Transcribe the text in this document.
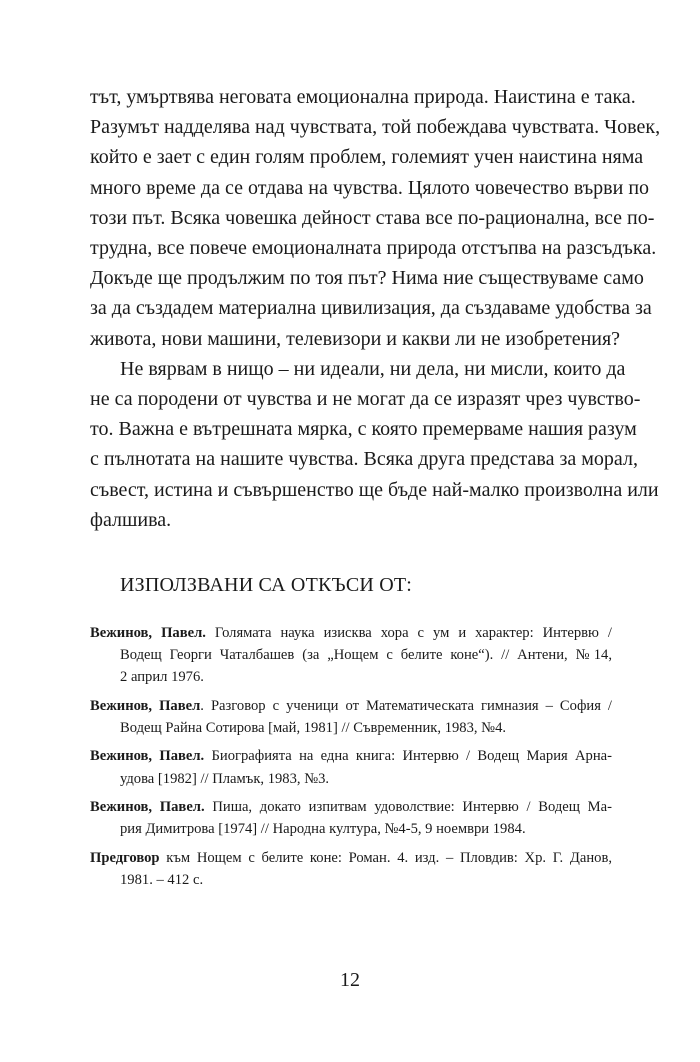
тът, умъртвява неговата емоционална природа. Наистина е така.
Разумът надделява над чувствата, той побеждава чувствата. Човек,
който е зает с един голям проблем, големият учен наистина няма
много време да се отдава на чувства. Цялото човечество върви по
този път. Всяка човешка дейност става все по-рационална, все по-
трудна, все повече емоционалната природа отстъпва на разсъдъка.
Докъде ще продължим по тоя път? Нима ние съществуваме само
за да създадем материална цивилизация, да създаваме удобства за
живота, нови машини, телевизори и какви ли не изобретения?

Не вярвам в нищо – ни идеали, ни дела, ни мисли, които да
не са породени от чувства и не могат да се изразят чрез чувство-
то. Важна е вътрешната мярка, с която премерваме нашия разум
с пълнотата на нашите чувства. Всяка друга представа за морал,
съвест, истина и съвършенство ще бъде най-малко произволна или
фалшива.

ИЗПОЛЗВАНИ СА ОТКЪСИ ОТ:
Вежинов, Павел. Голямата наука изисква хора с ум и характер: Интервю /
Водещ Георги Чаталбашев (за „Нощем с белите коне“). // Антени, №14,
2 април 1976.
Вежинов, Павел. Разговор с ученици от Математическата гимназия – София /
Водещ Райна Сотирова [май, 1981] // Съвременник, 1983, №4.
Вежинов, Павел. Биографията на една книга: Интервю / Водещ Мария Арна-
удова [1982] // Пламък, 1983, №3.
Вежинов, Павел. Пиша, докато изпитвам удоволствие: Интервю / Водещ Ма-
рия Димитрова [1974] // Народна култура, №4-5, 9 ноември 1984.
Предговор към Нощем с белите коне: Роман. 4. изд. – Пловдив: Хр. Г. Данов,
1981. – 412 с.

12
